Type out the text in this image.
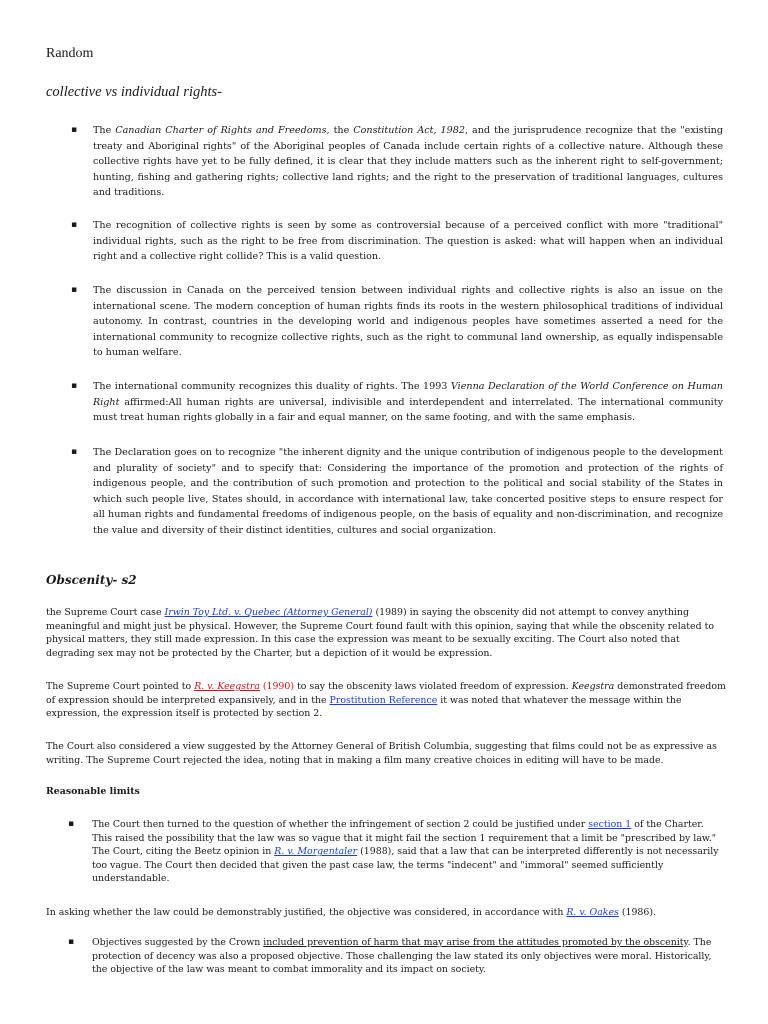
Random
collective vs individual rights-
▪ The Canadian Charter of Rights and Freedoms, the Constitution Act, 1982, and the jurisprudence recognize that the "existing treaty and Aboriginal rights" of the Aboriginal peoples of Canada include certain rights of a collective nature. Although these collective rights have yet to be fully defined, it is clear that they include matters such as the inherent right to self-government; hunting, fishing and gathering rights; collective land rights; and the right to the preservation of traditional languages, cultures and traditions.

▪ The recognition of collective rights is seen by some as controversial because of a perceived conflict with more "traditional" individual rights, such as the right to be free from discrimination. The question is asked: what will happen when an individual right and a collective right collide? This is a valid question.

▪ The discussion in Canada on the perceived tension between individual rights and collective rights is also an issue on the international scene. The modern conception of human rights finds its roots in the western philosophical traditions of individual autonomy. In contrast, countries in the developing world and indigenous peoples have sometimes asserted a need for the international community to recognize collective rights, such as the right to communal land ownership, as equally indispensable to human welfare.

▪ The international community recognizes this duality of rights. The 1993 Vienna Declaration of the World Conference on Human Right affirmed:All human rights are universal, indivisible and interdependent and interrelated. The international community must treat human rights globally in a fair and equal manner, on the same footing, and with the same emphasis.

▪ The Declaration goes on to recognize "the inherent dignity and the unique contribution of indigenous people to the development and plurality of society" and to specify that: Considering the importance of the promotion and protection of the rights of indigenous people, and the contribution of such promotion and protection to the political and social stability of the States in which such people live, States should, in accordance with international law, take concerted positive steps to ensure respect for all human rights and fundamental freedoms of indigenous people, on the basis of equality and non-discrimination, and recognize the value and diversity of their distinct identities, cultures and social organization.

Obscenity- s2

the Supreme Court case Irwin Toy Ltd. v. Quebec (Attorney General) (1989) in saying the obscenity did not attempt to convey anything meaningful and might just be physical. However, the Supreme Court found fault with this opinion, saying that while the obscenity related to physical matters, they still made expression. In this case the expression was meant to be sexually exciting. The Court also noted that degrading sex may not be protected by the Charter, but a depiction of it would be expression.

The Supreme Court pointed to R. v. Keegstra (1990) to say the obscenity laws violated freedom of expression. Keegstra demonstrated freedom of expression should be interpreted expansively, and in the Prostitution Reference it was noted that whatever the message within the expression, the expression itself is protected by section 2.

The Court also considered a view suggested by the Attorney General of British Columbia, suggesting that films could not be as expressive as writing. The Supreme Court rejected the idea, noting that in making a film many creative choices in editing will have to be made.

Reasonable limits
▪ The Court then turned to the question of whether the infringement of section 2 could be justified under section 1 of the Charter. This raised the possibility that the law was so vague that it might fail the section 1 requirement that a limit be "prescribed by law." The Court, citing the Beetz opinion in R. v. Morgentaler (1988), said that a law that can be interpreted differently is not necessarily too vague. The Court then decided that given the past case law, the terms "indecent" and "immoral" seemed sufficiently understandable.

In asking whether the law could be demonstrably justified, the objective was considered, in accordance with R. v. Oakes (1986).

▪ Objectives suggested by the Crown included prevention of harm that may arise from the attitudes promoted by the obscenity. The protection of decency was also a proposed objective. Those challenging the law stated its only objectives were moral. Historically, the objective of the law was meant to combat immorality and its impact on society.
